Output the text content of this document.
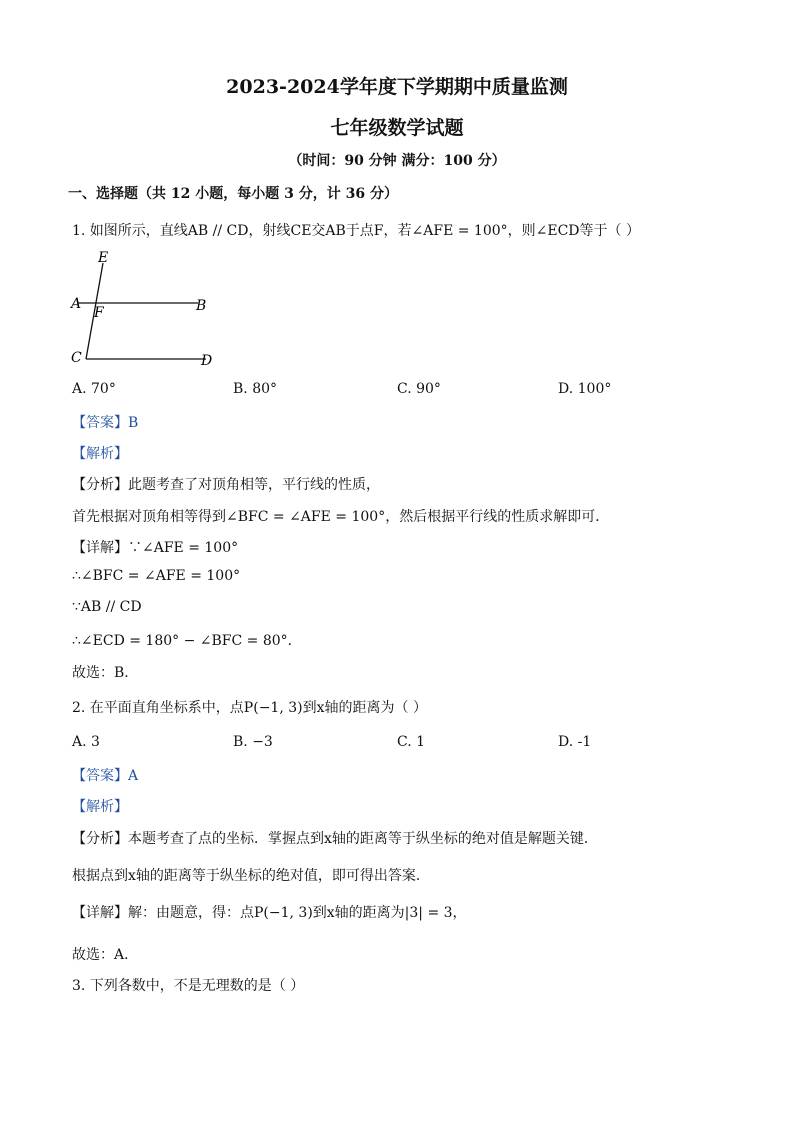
2023-2024学年度下学期期中质量监测
七年级数学试题
（时间：90 分钟 满分：100 分）
一、选择题（共 12 小题，每小题 3 分，计 36 分）
1. 如图所示，直线AB // CD，射线CE交AB于点F，若∠AFE = 100°，则∠ECD等于（ ）
E
A	B
F
C	D
A. 70°	B. 80°	C. 90°	D. 100°
【答案】B
【解析】
【分析】此题考查了对顶角相等，平行线的性质，
首先根据对顶角相等得到∠BFC = ∠AFE = 100°，然后根据平行线的性质求解即可．
【详解】∵∠AFE = 100°
∴∠BFC = ∠AFE = 100°
∵AB // CD
∴∠ECD = 180° − ∠BFC = 80°．
故选：B．
2. 在平面直角坐标系中，点P(−1, 3)到x轴的距离为（ ）
A. 3	B. −3	C. 1	D. -1
【答案】A
【解析】
【分析】本题考查了点的坐标．掌握点到x轴的距离等于纵坐标的绝对值是解题关键．
根据点到x轴的距离等于纵坐标的绝对值，即可得出答案．
【详解】解：由题意，得：点P(−1, 3)到x轴的距离为|3| = 3，
故选：A．
3. 下列各数中，不是无理数的是（ ）
